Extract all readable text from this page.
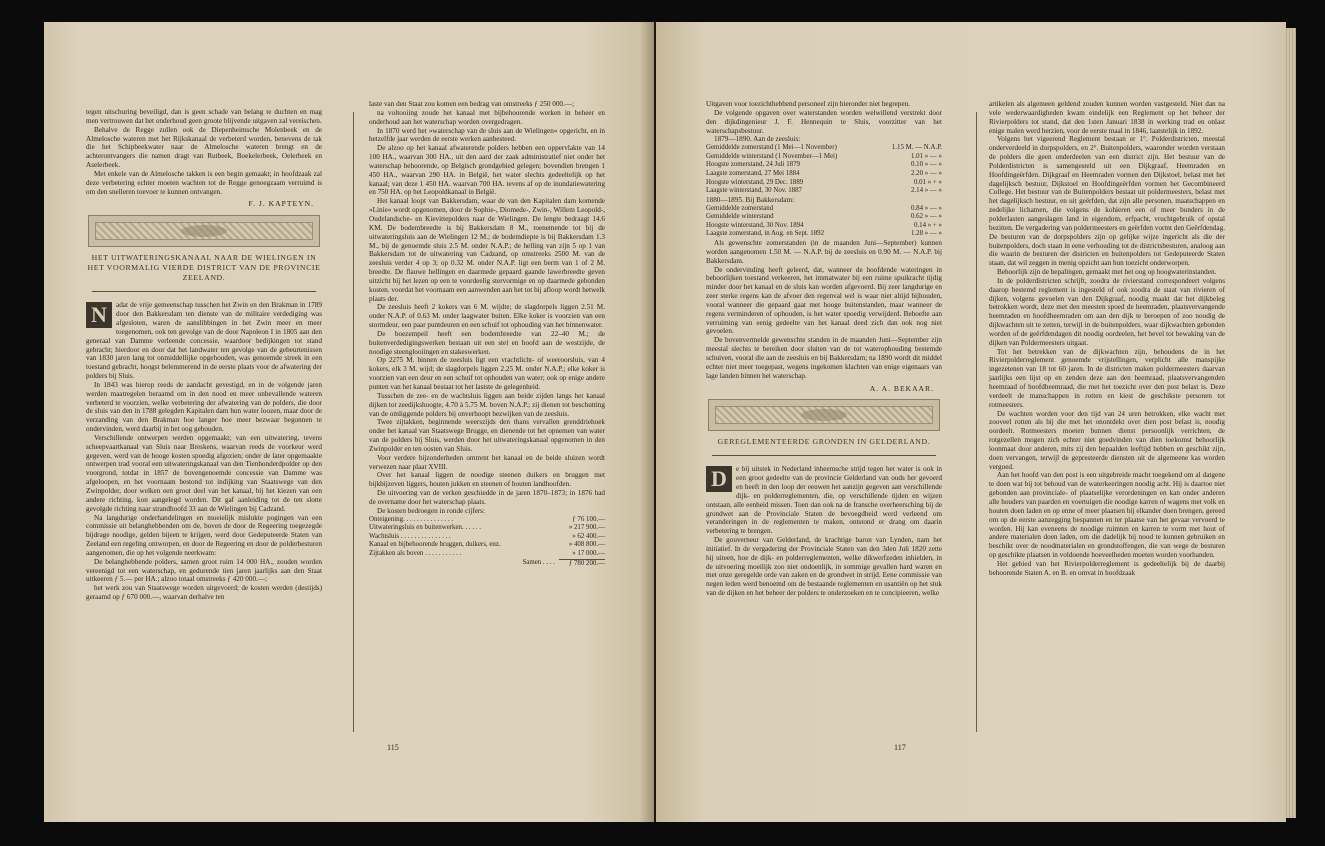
tegen uitschuring beveiligd, dan is geen schade van belang te duchten en mag men vertrouwen dat het onderhoud geen groote blijvende uitgaven zal vereischen.

Behalve de Regge zullen ook de Diepenheimsche Molenbeek en de Almelosche wateren met het Rijkskanaal de verbeterd worden, benevens de tak die het Schipbeekwater naar de Almelosche wateren brengt en de achterontvangers die namen dragt van Rutbeek, Boekelerbeek, Oelerbeek en Aselerbeek.

Met enkele van de Almelosche takken is een begin gemaakt; in hoofdzaak zal deze verbetering echter moeten wachten tot de Regge genoegzaam verruimd is om den snelleren toevoer te kunnen ontvangen.

F. J. KAPTEYN.
HET UITWATERINGSKANAAL NAAR DE WIELINGEN IN HET VOORMALIG VIERDE DISTRICT VAN DE PROVINCIE ZEELAND.
N	adat de vrije gemeenschap tusschen het Zwin en den Brakman in 1789 door den Bakkersdam ten dienste van de militaire verdediging was afgesloten, waren de aanslibbingen in het Zwin meer en meer toegenomen, ook ten gevolge van de door Napoleon I in 1805 aan den generaal van Damme verleende concessie, waardoor bedijkingen tot stand gebracht; hierdoor en door dat het landwater ten gevolge van de gebeurtenissen van 1830 jaren lang tot onmiddellijke opgehouden, was genoemde streek in een toestand gebracht, hoogst belemmerend in de eerste plaats voor de afwatering der polders bij Sluis.

In 1843 was hierop reeds de aandacht gevestigd, en in de volgende jaren werden maatregelen beraamd om in den nood en meer onbevallende wateren verbeterd te voorzien, welke verbetering der afwatering van de polders, die door de sluis van den in 1788 gelegden Kapitalen dam hun water loozen, maar door de verzanding van den Brakman hoe langer hoe meer bezwaar begonnen te ondervinden, werd daarbij in het oog gehouden.

Verschillende ontwerpen werden opgemaakt; van een uitwatering, tevens scheepvaartkanaal van Sluis naar Breskens, waarvan reeds de voorkeur werd gegeven, werd van de hooge kosten spoedig afgezien; onder de later opgemaakte ontwerpen trad vooral een uitwateringskanaal van den Tienhonderdpolder op den voorgrond, totdat in 1857 de bovengenoemde concessie van Damme was afgeloopen, en het voornaam bestond tot indijking van Staatswege van den Zwinpolder, door welken een groot deel van het kanaal, bij het kiezen van een andere richting, kon aangelegd worden. Dit gaf aanleiding tot de ten slotte gevolgde richting naar strandhoofd 33 aan de Wielingen bij Cadzand.

Na langdurige onderhandelingen en moeielijk mislukte pogingen van een commissie uit belanghebbenden om de, boven de door de Regeering toegezegde bijdrage noodige, gelden bijeen te krijgen, werd door Gedeputeerde Staten van Zeeland een regeling ontworpen, en door de Regeering en door de polderbesturen aangenomen, die op het volgende neerkwam:

De belanghebbende polders, samen groot ruim 14 000 HA., zouden worden vereenigd tot een waterschap, en gedurende tien jaren jaarlijks aan den Staat uitkeeren ƒ 5.— per HA.; alzoo totaal omstreeks ƒ 420 000.—;

het werk zou van Staatswege worden uitgevoerd; de kosten werden (destijds) geraamd op ƒ 670 000.—, waarvan derhalve ten

laste van den Staat zou komen een bedrag van omstreeks ƒ 250 000.—;

na voltooiing zoude het kanaal met bijbehoorende werken in beheer en onderhoud aan het waterschap worden overgedragen.

In 1870 werd het »waterschap van de sluis aan de Wielingen« opgericht, en in hetzelfde jaar werden de eerste werken aanbesteed.

De alzoo op het kanaal afwaterende polders hebben een oppervlakte van 14 100 HA., waarvan 300 HA., uit den aard der zaak administratief niet onder het waterschap behoorende, op Belgisch grondgebied gelegen; bovendien brengen 1 450 HA., waarvan 290 HA. in België, het water slechts gedeeltelijk op het kanaal; van deze 1 450 HA. waarvan 700 HA. tevens af op de inundatiewatering en 750 HA. op het Leopoldkanaal in België.

Het kanaal loopt van Bakkersdam, waar de van den Kapitalen dam komende »Linie« wordt opgenomen, door de Sophie-, Diomede-, Zwin-, Willem Leopold-, Oudelandsche- en Kievittepolders naar de Wielingen. De lengte bedraagt 14.6 KM. De bodembreedte is bij Bakkersdam 8 M., toenemende tot bij de uitwateringsluis aan de Wielingen 12 M.; de bodemdiepte is bij Bakkersdam 1.3 M., bij de genoemde sluis 2.5 M. onder N.A.P.; de helling van zijn 5 op 1 van Bakkersdam tot de uitwatering van Cadzand, op omstreeks 2500 M. van de zeesluis verder 4 op 3; op 0.32 M. onder N.A.P. ligt een berm van 1 of 2 M. breedte. De flauwe hellingen en daarmede gepaard gaande lawerbreedte geven uitzicht bij het lezen op een te voordeelig stervormige en op daarmede gebonden kosten. voordat het voornaam een aanwenden aan het tot bij afloop wordt hetwelk plaats der.

De zeesluis heeft 2 kokers van 6 M. wijdte; de slagdorpels liggen 2.51 M. onder N.A.P. of 0.63 M. onder laagwater buiten. Elke koker is voorzien van een stormdeur, een paar puntdeuren en een schuif tot ophouding van het binnenwater.

De boezempeil heeft een bodembreedte van 22–40 M.; de buitenverdedigingswerken bestaan uit een stel en hoofd aan de westzijde, de noodige steenglooiingen en stakeswerken.

Op 2275 M. binnen de zeesluis ligt een vrachtlicht- of weeroorsluis, van 4 kokers, elk 3 M. wijd; de slagdorpels liggen 2.25 M. onder N.A.P.; elke koker is voorzien van een deur en een schuif tot ophouden van water; ook op enige andere punten van het kanaal bestaat tot het lastste de gelegenheid.

Tusschen de zee- en de wachtsluis liggen aan beide zijden langs het kanaal dijken tot zeedijkshoogte, 4.70 à 5.75 M. boven N.A.P.; zij dienen tot beschutting van de omliggende polders bij onverhoopt bezwijken van de zeesluis.

Twee zijtakken, beginnende weerszijds den thans vervallen grenddriehoek onder het kanaal van Staatswege Brugge, en dienende tot het opnemen van water van de polders bij Sluis, werden door het uitwateringskanaal opgenomen in den Zwinpolder en ten oosten van Sluis.

Voor verdere bijzonderheden omtrent het kanaal en de beide sluizen wordt verwezen naar plaat XVIII.

Over het kanaal liggen de noodige steenen duikers en bruggen met bijkbijzeven liggers, houten jukken en steenen of houten landhoofden.

De uitvoering van de verken geschiedde in de jaren 1870–1873; in 1876 had de overname door het waterschap plaats.

De kosten bedroegen in ronde cijfers:

Onteigening. . . . . . . . . . . . . . .	ƒ 76 100.—
Uitwateringsluis en buitenwerken. . . . . .	» 217 900.—
Wachtsluis . . . . . . . . . . . . . . .	» 62 400.—
Kanaal en bijbehoorende bruggen, duikers, enz.	» 408 800.—
Zijtakken als boven . . . . . . . . . . .	» 17 000.—
Samen . . . .	ƒ 780 200.—
115

Uitgaven voor toezichthebbend personeel zijn hieronder niet begrepen.

De volgende opgaven over waterstanden worden welwillend verstrekt door den dijkdingenieur J. F. Hennequin te Sluis, voorzitter van het waterschapsbestuur.

1879—1890. Aan de zeesluis:

Gemiddelde zomerstand (1 Mei—1 November)	1.15 M. — N.A.P.
Gemiddelde winterstand (1 November—1 Mei)	1.01 » — »
Hoogste zomerstand, 24 Juli 1879	0.10 » — »
Laagste zomerstand, 27 Mei 1884	2.20 » — »
Hoogste winterstand, 29 Dec. 1889	0.01 » + »
Laagste winterstand, 30 Nov. 1887	2.14 » — »

1880—1895. Bij Bakkersdam:

Gemiddelde zomerstand	0.84 » — »
Gemiddelde winterstand	0.62 » — »
Hoogste winterstand, 30 Nov. 1894	0.14 » + »
Laagste zomerstand, in Aug. en Sept. 1892	1.28 » — »

Als gewenschte zomerstanden (in de maanden Juni—September) kunnen worden aangenomen 1.50 M. — N.A.P. bij de zeesluis en 0.90 M. — N.A.P. bij Bakkersdam.

De ondervinding heeft geleerd, dat, wanneer de hoofdende wateringen in behoorlijken toestand verkeeren, het immatwater bij een ruime spuikracht tijdig minder door het kanaal en de sluis kan worden afgevoerd. Bij zeer langdurige en zeer sterke regens kan de afvoer den regenval wel is waar niet altijd bijhouden, vooral wanneer die gepaard gaat met hooge buitenstanden, maar wanneer de regens verminderen of ophouden, is het water spoedig verwijderd. Behoefte aan verruiming van eenig gedeelte van het kanaal deed zich dan ook nog niet gevoelen.

De bovenvermelde gewenschte standen in de maanden Juni—September zijn meestal slechts te bereiken door sluiten van de tot waterophouding bestemde schuiven, vooral die aan de zeesluis en bij Bakkersdam; na 1890 wordt dit middel echter niet meer toegepast, wegens ingekomen klachten van enige eigenaars van lage landen binnen het waterschap.

A. A. BEKAAR.
GEREGLEMENTEERDE GRONDEN IN GELDERLAND.
D	e bij uitstek in Nederland inheemsche strijd tegen het water is ook in een groot gedeelte van de provincie Gelderland van ouds her gevoerd en heeft in den loop der eeuwen het aanzijn gegeven aan verschillende dijk- en polderreglementen, die, op verschillende tijden en wijzen ontstaan, alle eenheid missen. Toen dan ook na de fransche overheersching bij de grondwet aan de Provinciale Staten de bevoegdheid werd verleend om veranderingen in de reglementen te maken, ontstond er drang om daarin verbetering te brengen.

De gouverneur van Gelderland, de krachtige baron van Lynden, nam het initiatief. In de vergadering der Provinciale Staten van den 3den Juli 1820 zette hij uiteen, hoe de dijk- en polderreglementen, welke dikwerfzeden inhielden, in de uitvoering moeilijk zoo niet ondoenlijk, in sommige gevallen hard waren en met onze geregelde orde van zaken en de grondwet in strijd. Eene commissie van negen leden werd benoemd om de bestaande reglementen en usantiën op het stuk van de dijken en het beheer der polders te onderzoeken en te concipieeren, welke

artikelen als algemeen geldend zouden kunnen worden vastgesteld. Niet dan na vele wederwaardigheden kwam eindelijk een Reglement op het beheer der Rivierpolders tot stand, dat den 1sten Januari 1838 in werking trad en onlast enige malen werd herzien, voor de eerste maal in 1846, laatstelijk in 1892.

Volgens het vigeerend Reglement bestaan er 1°. Polderdistricten, meestal onderverdeeld in dorpspolders, en 2°. Buitenpolders, waaronder worden verstaan de polders die geen onderdeelen van een district zijn. Het bestuur van de Polderdistricten is samengesteld uit een Dijkgraaf, Heemraden en Hoofdingeërfden. Dijkgraaf en Heemraden vormen den Dijkstoel, belast met het dagelijksch bestuur, Dijkstoel en Hoofdingeërfden vormen het Gecombineerd College. Het bestuur van de Buitenpolders bestaat uit poldermeesters, belast met het dagelijksch bestuur, en uit geërfden, dat zijn alle personen, maatschappen en zedelijke lichamen, die volgens de kohieren een of meer bunders in de polderlasten aangeslagen land in eigendom, erfpacht, vruchtgebruik of opstal bezitten. De vergadering van poldermeesters en geërfden vormt den Geërfdendag. De besturen van de dorpspolders zijn op gelijke wijze ingericht als die der buitenpolders, doch staan in eene verhouding tot de districtsbesturen, analoog aan die waarin de besturen der districten en buitenpolders tot Gedeputeerde Staten staan, dat wil zeggen in menig opzicht aan hun toezicht onderworpen.

Behoorlijk zijn de bepalingen, gemaakt met het oog op hoogwaterinstanden.

In de polderdistricten schrijft, zoodra de rivierstand correspondeert volgens daarop bestemd reglement is ingesteld of ook zoodra de staat van rivieren of dijken, volgens gevoelen van den Dijkgraaf, noodig maakt dat het dijkbeleg betrokken wordt, deze met den meesten spoed de heemraden, plaatsvervangende heemraden en hoofdheemraden om aan den dijk te beroepen of zoo noodig de dijkwachten uit te zetten, terwijl in de buitenpolders, waar dijkwachten gebonden worden of de geërfdendagen dit noodig oordeelen, het bevel tot bewaking van de dijken van Poldermeesters uitgaat.

Tot het betrekken van de dijkwachten zijn, behoudens de in het Rivierpolderreglement genoemde vrijstellingen, verplicht alle manspijke ingezetenen van 18 tot 60 jaren. In de districten maken poldermeesters daarvan jaarlijks een lijst op en zenden deze aan den heemraad, plaatsvervangenden heemraad of hoofdheemraad, die met het toezicht over den post belast is. Deze verdeelt de manschappen in rotten en kiest de geschikste personen tot rotmeesters.

De wachten worden voor den tijd van 24 uren betrokken, elke wacht met zooveel rotten als bij die met het onontdekt over dien post belast is, noodig oordeelt. Rotmeesters moeten bunnen dienst persoonlijk verrichten, de rotgezellen mogen zich echter niet goedvinden van dien toekomst behoorlijk loonmaat door anderen, mits zij den bepaalden leeftijd hebben en geschikt zijn, doen vervangen, terwijl de gepresteerde diensten uit de algemeene kas worden vergoed.

Aan het hoofd van den post is een uitgebreide macht toegekend om al datgene te doen wat bij tot behoud van de waterkeeringen noodig acht. Hij is daartoe niet gebonden aan provinciale- of plaatselijke verordeningen en kan onder anderen alle houders van paarden en voertuigen die noodige karren of wagens met volk en houten doen laden en op enne of meer plaatsen bij elkander doen brengen, gereed om op de eerste aanzegging bespannen en ter plaatse van het gevaar vervoerd te worden. Hij kan eveneens de noodige ruimten en karren te vorm met hout of andere materialen doen laden, om die dadelijk bij nood te kunnen gebruiken en beschikt over de noodmaterialen en grondstoffengen, die van wege de besturen op geschikte plaatsen in voldoende hoeveelheden moeten worden voorhanden.

Het gebied van het Rivierpolderreglement is gedeeltelijk bij de daarbij behoorende Staten A. en B. en omvat in hoofdzaak

117
